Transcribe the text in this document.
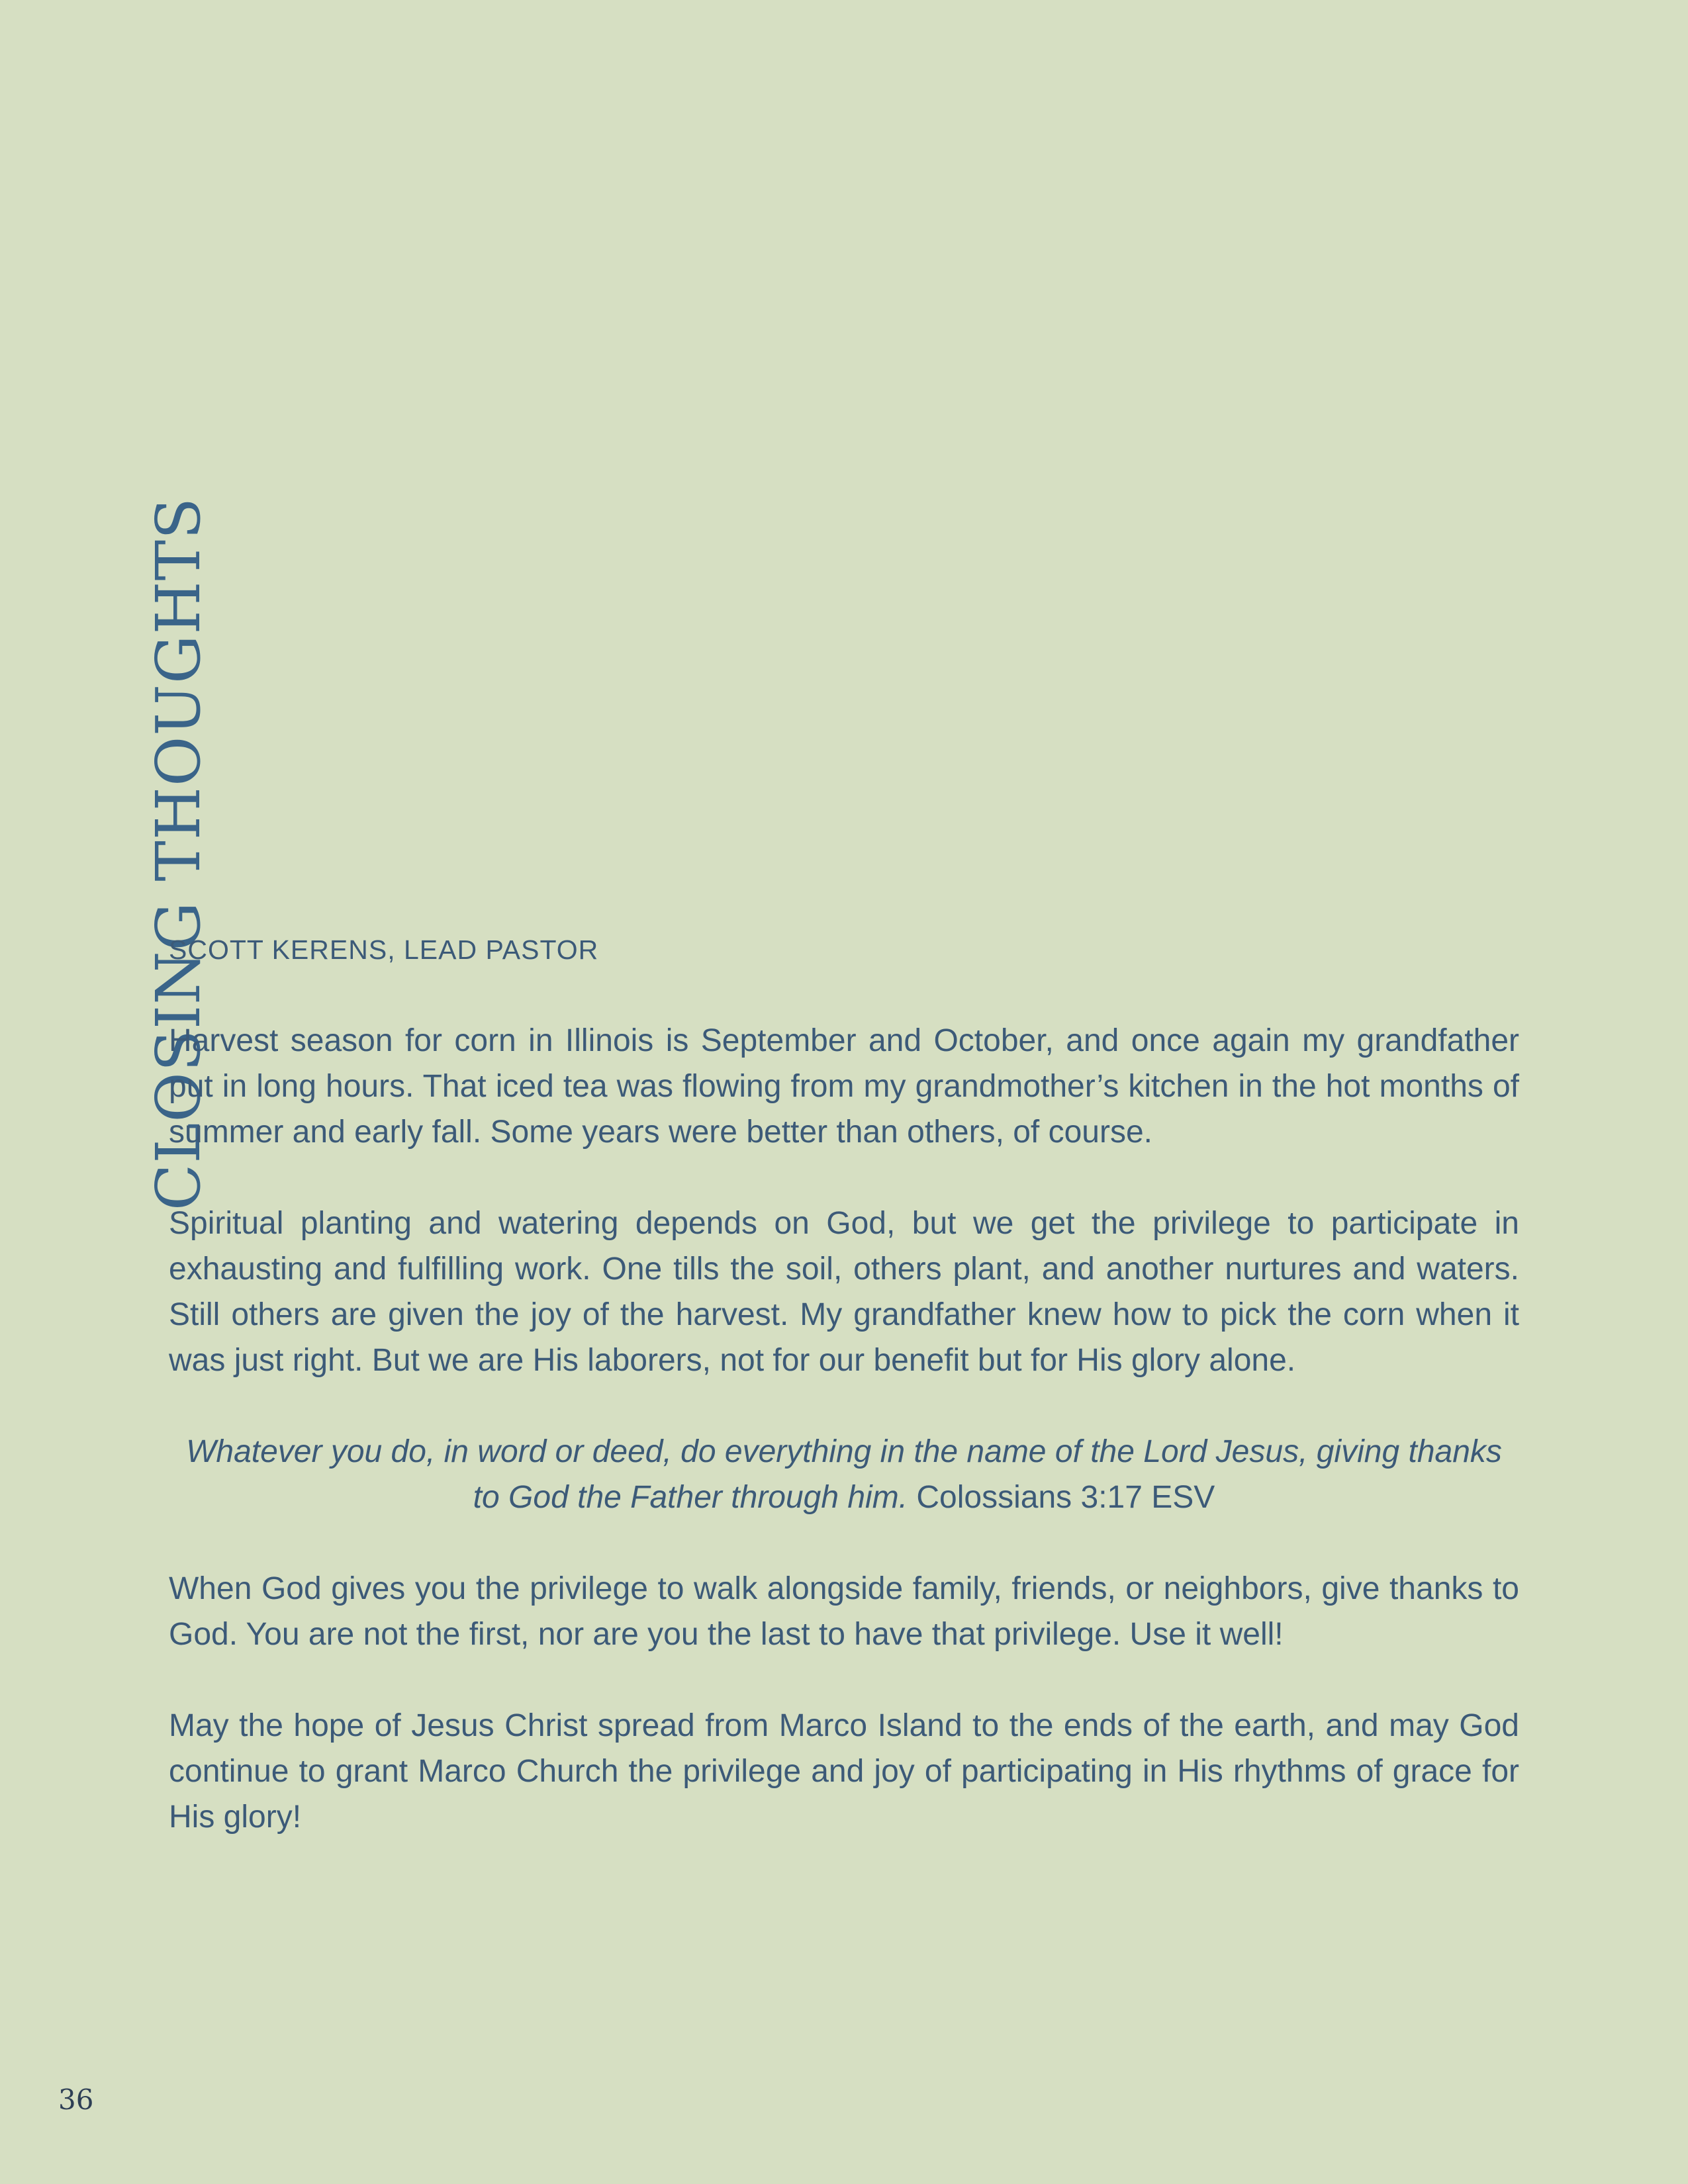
CLOSING THOUGHTS
SCOTT KERENS, LEAD PASTOR

Harvest season for corn in Illinois is September and October, and once again my grandfather put in long hours. That iced tea was flowing from my grandmother’s kitchen in the hot months of summer and early fall. Some years were better than others, of course.

Spiritual planting and watering depends on God, but we get the privilege to participate in exhausting and fulfilling work. One tills the soil, others plant, and another nurtures and waters. Still others are given the joy of the harvest. My grandfather knew how to pick the corn when it was just right. But we are His laborers, not for our benefit but for His glory alone.

Whatever you do, in word or deed, do everything in the name of the Lord Jesus, giving thanks to God the Father through him. Colossians 3:17 ESV

When God gives you the privilege to walk alongside family, friends, or neighbors, give thanks to God. You are not the first, nor are you the last to have that privilege. Use it well!

May the hope of Jesus Christ spread from Marco Island to the ends of the earth, and may God continue to grant Marco Church the privilege and joy of participating in His rhythms of grace for His glory!

36
